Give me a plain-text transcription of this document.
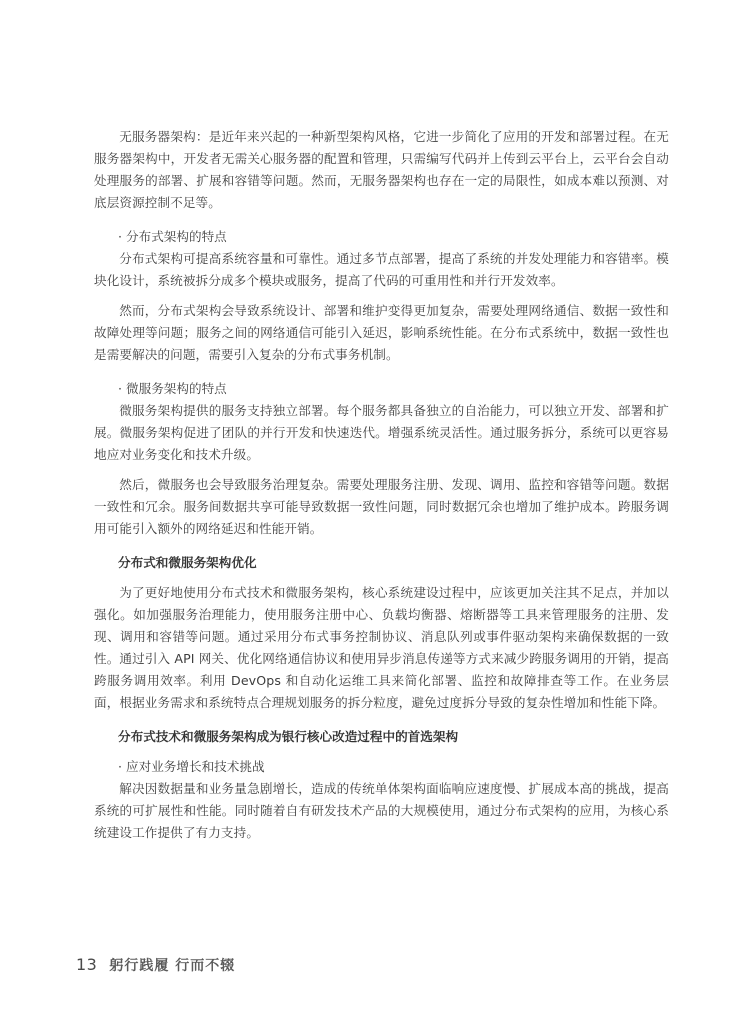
无服务器架构：是近年来兴起的一种新型架构风格，它进一步简化了应用的开发和部署过程。在无服务器架构中，开发者无需关心服务器的配置和管理，只需编写代码并上传到云平台上，云平台会自动处理服务的部署、扩展和容错等问题。然而，无服务器架构也存在一定的局限性，如成本难以预测、对底层资源控制不足等。

· 分布式架构的特点

分布式架构可提高系统容量和可靠性。通过多节点部署，提高了系统的并发处理能力和容错率。模块化设计，系统被拆分成多个模块或服务，提高了代码的可重用性和并行开发效率。

然而，分布式架构会导致系统设计、部署和维护变得更加复杂，需要处理网络通信、数据一致性和故障处理等问题；服务之间的网络通信可能引入延迟，影响系统性能。在分布式系统中，数据一致性也是需要解决的问题，需要引入复杂的分布式事务机制。

· 微服务架构的特点

微服务架构提供的服务支持独立部署。每个服务都具备独立的自治能力，可以独立开发、部署和扩展。微服务架构促进了团队的并行开发和快速迭代。增强系统灵活性。通过服务拆分，系统可以更容易地应对业务变化和技术升级。

然后，微服务也会导致服务治理复杂。需要处理服务注册、发现、调用、监控和容错等问题。数据一致性和冗余。服务间数据共享可能导致数据一致性问题，同时数据冗余也增加了维护成本。跨服务调用可能引入额外的网络延迟和性能开销。

分布式和微服务架构优化

为了更好地使用分布式技术和微服务架构，核心系统建设过程中，应该更加关注其不足点，并加以强化。如加强服务治理能力，使用服务注册中心、负载均衡器、熔断器等工具来管理服务的注册、发现、调用和容错等问题。通过采用分布式事务控制协议、消息队列或事件驱动架构来确保数据的一致性。通过引入 API 网关、优化网络通信协议和使用异步消息传递等方式来减少跨服务调用的开销，提高跨服务调用效率。利用 DevOps 和自动化运维工具来简化部署、监控和故障排查等工作。在业务层面，根据业务需求和系统特点合理规划服务的拆分粒度，避免过度拆分导致的复杂性增加和性能下降。

分布式技术和微服务架构成为银行核心改造过程中的首选架构

· 应对业务增长和技术挑战

解决因数据量和业务量急剧增长，造成的传统单体架构面临响应速度慢、扩展成本高的挑战，提高系统的可扩展性和性能。同时随着自有研发技术产品的大规模使用，通过分布式架构的应用，为核心系统建设工作提供了有力支持。

13 躬行践履 行而不辍
